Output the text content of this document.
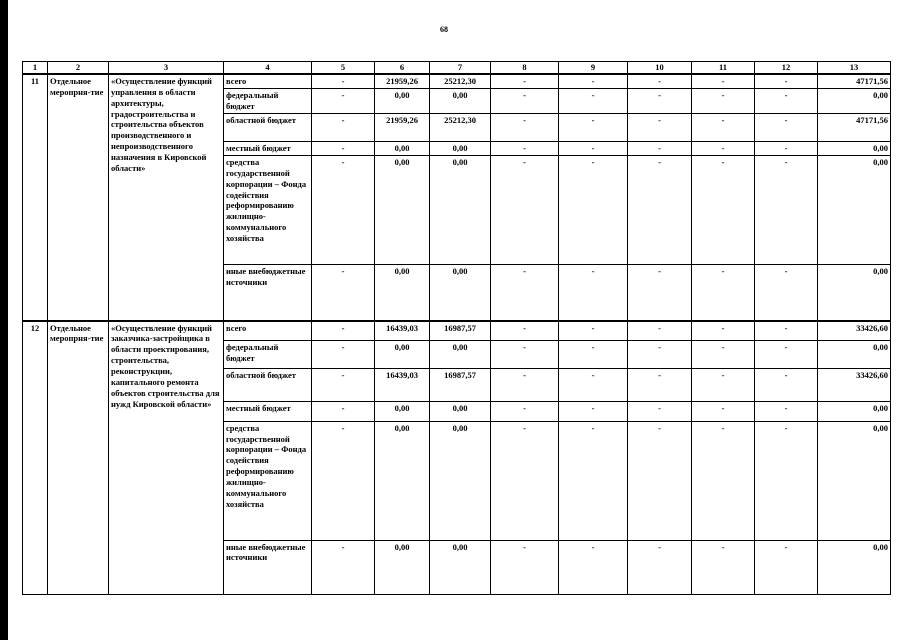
68
1	2	3	4	5	6	7	8	9	10	11	12	13
11	Отдельное меропрня-тие	«Осуществление функций управления в области архитектуры, градостроительства и строительства объектов производственного и непроизводственного назначения в Кировской области»	всего	-	21959,26	25212,30	-	-	-	-	-	47171,56
			федеральный бюджет	-	0,00	0,00	-	-	-	-	-	0,00
			областной бюджет	-	21959,26	25212,30	-	-	-	-	-	47171,56
			местный бюджет	-	0,00	0,00	-	-	-	-	-	0,00
			средства государственной корпорации – Фонда содействия реформированию жилищно-коммунального хозяйства	-	0,00	0,00	-	-	-	-	-	0,00
			иные внебюджетные источники	-	0,00	0,00	-	-	-	-	-	0,00
12	Отдельное меропрня-тие	«Осуществление функций заказчика-застройщика в области проектирования, строительства, реконструкции, капитального ремонта объектов строительства для нужд Кировской области»	всего	-	16439,03	16987,57	-	-	-	-	-	33426,60
			федеральный бюджет	-	0,00	0,00	-	-	-	-	-	0,00
			областной бюджет	-	16439,03	16987,57	-	-	-	-	-	33426,60
			местный бюджет	-	0,00	0,00	-	-	-	-	-	0,00
			средства государственной корпорации – Фонда содействия реформированию жилищно-коммунального хозяйства	-	0,00	0,00	-	-	-	-	-	0,00
			иные внебюджетные источники	-	0,00	0,00	-	-	-	-	-	0,00
